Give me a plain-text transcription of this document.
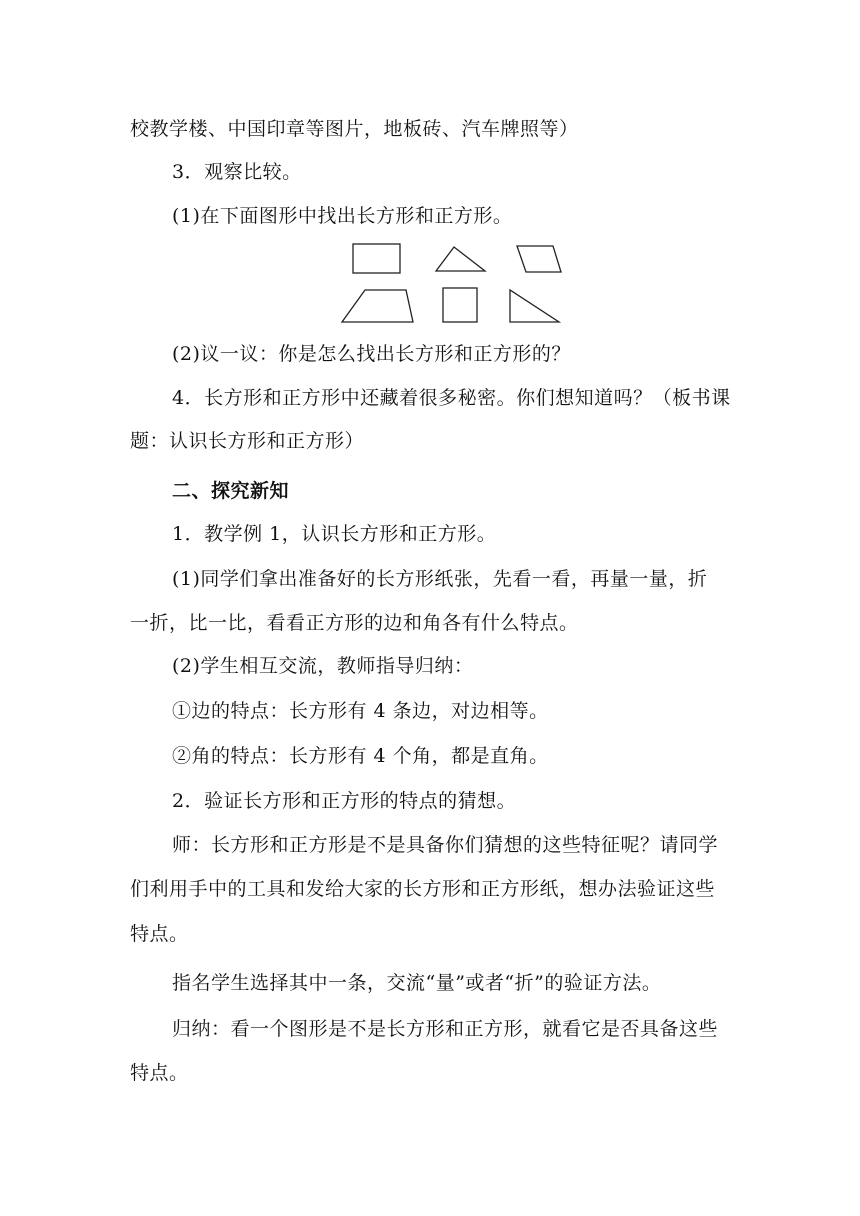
校教学楼、中国印章等图片，地板砖、汽车牌照等）
3．观察比较。
(1)在下面图形中找出长方形和正方形。
(2)议一议：你是怎么找出长方形和正方形的？
4．长方形和正方形中还藏着很多秘密。你们想知道吗？（板书课
题：认识长方形和正方形）
二、探究新知
1．教学例 1，认识长方形和正方形。
(1)同学们拿出准备好的长方形纸张，先看一看，再量一量，折
一折，比一比，看看正方形的边和角各有什么特点。
(2)学生相互交流，教师指导归纳：
①边的特点：长方形有 4 条边，对边相等。
②角的特点：长方形有 4 个角，都是直角。
2．验证长方形和正方形的特点的猜想。
师：长方形和正方形是不是具备你们猜想的这些特征呢？请同学
们利用手中的工具和发给大家的长方形和正方形纸，想办法验证这些
特点。
指名学生选择其中一条，交流“量”或者“折”的验证方法。
归纳：看一个图形是不是长方形和正方形，就看它是否具备这些
特点。
